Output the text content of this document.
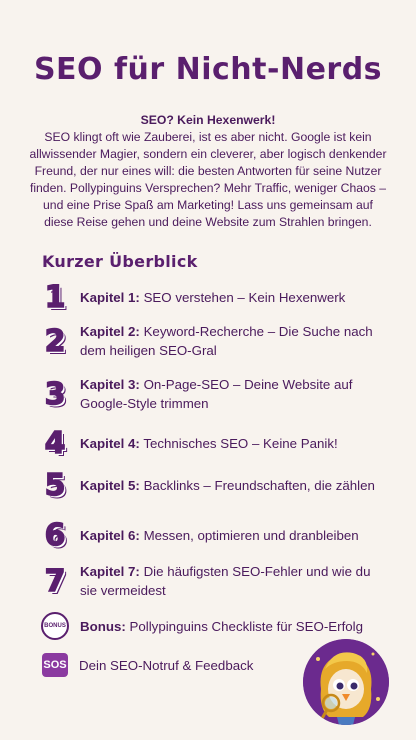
SEO für Nicht-Nerds
SEO? Kein Hexenwerk!
SEO klingt oft wie Zauberei, ist es aber nicht. Google ist kein allwissender Magier, sondern ein cleverer, aber logisch denkender Freund, der nur eines will: die besten Antworten für seine Nutzer finden. Pollypinguins Versprechen? Mehr Traffic, weniger Chaos – und eine Prise Spaß am Marketing! Lass uns gemeinsam auf diese Reise gehen und deine Website zum Strahlen bringen.
Kurzer Überblick
1	Kapitel 1: SEO verstehen – Kein Hexenwerk
2	Kapitel 2: Keyword-Recherche – Die Suche nach dem heiligen SEO-Gral
3	Kapitel 3: On-Page-SEO – Deine Website auf Google-Style trimmen
4	Kapitel 4: Technisches SEO – Keine Panik!
5	Kapitel 5: Backlinks – Freundschaften, die zählen
6	Kapitel 6: Messen, optimieren und dranbleiben
7	Kapitel 7: Die häufigsten SEO-Fehler und wie du sie vermeidest
BONUS Bonus: Pollypinguins Checkliste für SEO-Erfolg
SOS Dein SEO-Notruf & Feedback
